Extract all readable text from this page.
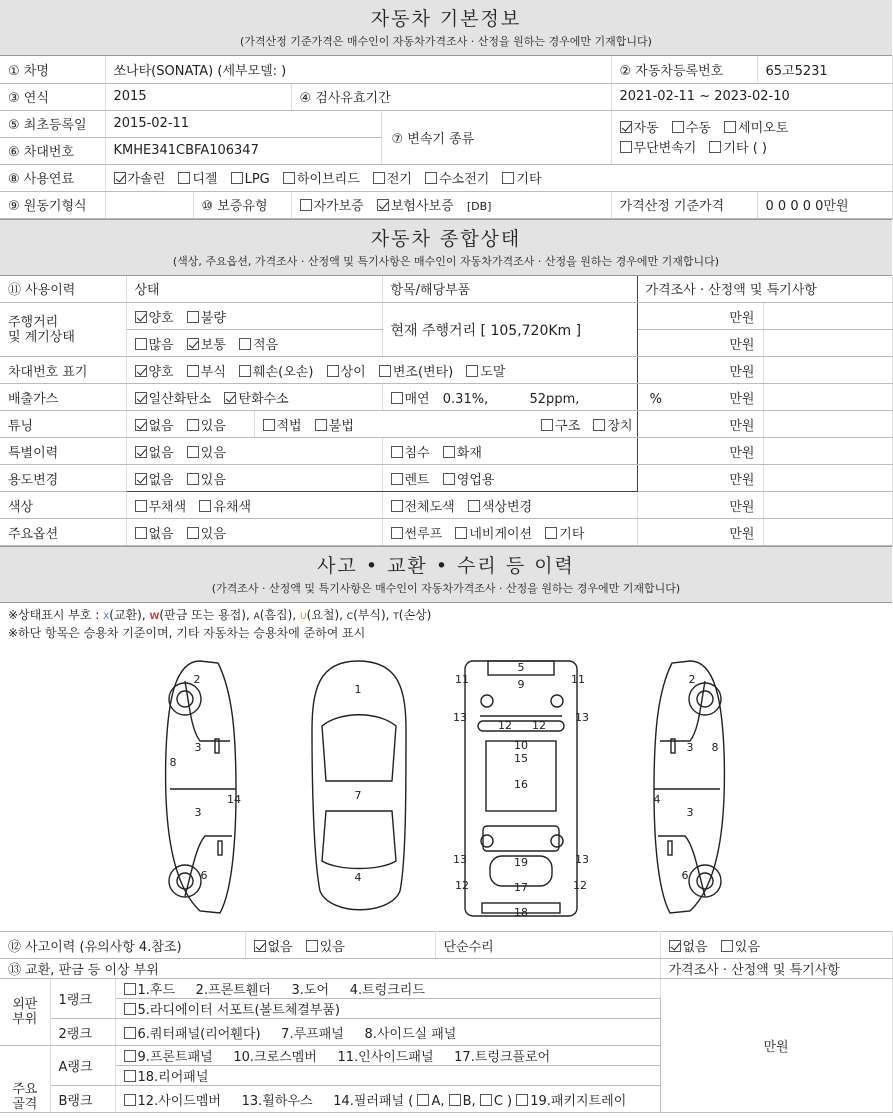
자동차 기본정보
(가격산정 기준가격은 매수인이 자동차가격조사 · 산정을 원하는 경우에만 기재합니다)
① 차명	쏘나타(SONATA) (세부모델: )				② 자동차등록번호	65고5231
③ 연식	2015		④ 검사유효기간		2021-02-11 ~ 2023-02-10	
⑤ 최초등록일	2015-02-11			⑦ 변속기 종류	자동 수동 세미오토
무단변속기 기타 ( )	
⑥ 차대번호	KMHE341CBFA106347					
⑧ 사용연료	가솔린 디젤 LPG 하이브리드 전기 수소전기 기타					
⑨ 원동기형식		⑩ 보증유형	자가보증 보험사보증 [DB]		가격산정 기준가격	0 0 0 0 0만원
자동차 종합상태
(색상, 주요옵션, 가격조사 · 산정액 및 특기사항은 매수인이 자동차가격조사 · 산정을 원하는 경우에만 기재합니다)
⑪ 사용이력	상태		항목/해당부품	가격조사 · 산정액 및 특기사항	
주행거리
및 계기상태	양호 불량		현재 주행거리 [ 105,720Km ]	만원	
	많음 보통 적음			만원	
차대번호 표기	양호 부식 훼손(오손) 상이 변조(변타) 도말			만원	
배출가스	일산화탄소 탄화수소		매연 0.31%,          52ppm,                 %	만원	
튜닝	없음 있음	적법 불법 구조 장치		만원	
특별이력	없음 있음		침수 화재	만원	
용도변경	없음 있음		렌트 영업용	만원	
색상	무채색 유채색		전체도색 색상변경	만원	
주요옵션	없음 있음		썬루프 네비게이션 기타	만원	
사고 • 교환 • 수리 등 이력
(가격조사 · 산정액 및 특기사항은 매수인이 자동차가격조사 · 산정을 원하는 경우에만 기재합니다)
※상태표시 부호 : X(교환), W(판금 또는 용접), A(흠집), U(요철), C(부식), T(손상)
※하단 항목은 승용차 기준이며, 기타 자동차는 승용차에 준하여 표시
1
2
3
3
6
8
14	7
4
5
9
11	11
13	13
12 12
10
15
16
13	13
12	12
19
17
18
2
3
3
6
8
4
⑫ 사고이력 (유의사항 4.참조)			없음 있음	단순수리	없음 있음
⑬ 교환, 판금 등 이상 부위					가격조사 · 산정액 및 특기사항
외판
부위	1랭크	1.후드     2.프론트휀더     3.도어     4.트렁크리드			만원
		5.라디에이터 서포트(볼트체결부품)			
	2랭크	6.쿼터패널(리어휀다)     7.루프패널     8.사이드실 패널			
주요
골격	A랭크	9.프론트패널     10.크로스멤버     11.인사이드패널     17.트렁크플로어			
		18.리어패널			
	B랭크	12.사이드멤버     13.휠하우스     14.필러패널 ( A, B, C ) 19.패키지트레이			
